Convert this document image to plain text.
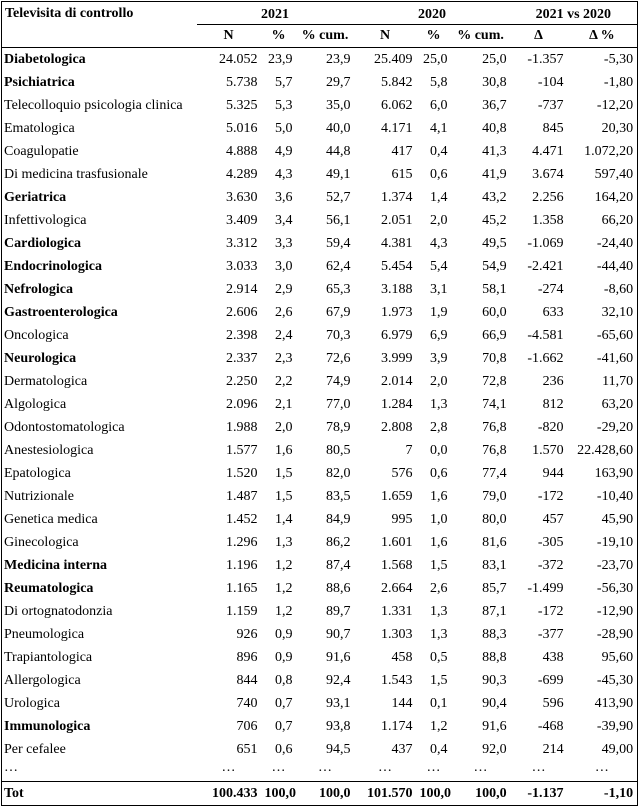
Televisita di controllo	2021			2020			2021 vs 2020	
	N	%	% cum.	N	%	% cum.	Δ	Δ %
Diabetologica	24.052	23,9	23,9	25.409	25,0	25,0	-1.357	-5,30
Psichiatrica	5.738	5,7	29,7	5.842	5,8	30,8	-104	-1,80
Telecolloquio psicologia clinica	5.325	5,3	35,0	6.062	6,0	36,7	-737	-12,20
Ematologica	5.016	5,0	40,0	4.171	4,1	40,8	845	20,30
Coagulopatie	4.888	4,9	44,8	417	0,4	41,3	4.471	1.072,20
Di medicina trasfusionale	4.289	4,3	49,1	615	0,6	41,9	3.674	597,40
Geriatrica	3.630	3,6	52,7	1.374	1,4	43,2	2.256	164,20
Infettivologica	3.409	3,4	56,1	2.051	2,0	45,2	1.358	66,20
Cardiologica	3.312	3,3	59,4	4.381	4,3	49,5	-1.069	-24,40
Endocrinologica	3.033	3,0	62,4	5.454	5,4	54,9	-2.421	-44,40
Nefrologica	2.914	2,9	65,3	3.188	3,1	58,1	-274	-8,60
Gastroenterologica	2.606	2,6	67,9	1.973	1,9	60,0	633	32,10
Oncologica	2.398	2,4	70,3	6.979	6,9	66,9	-4.581	-65,60
Neurologica	2.337	2,3	72,6	3.999	3,9	70,8	-1.662	-41,60
Dermatologica	2.250	2,2	74,9	2.014	2,0	72,8	236	11,70
Algologica	2.096	2,1	77,0	1.284	1,3	74,1	812	63,20
Odontostomatologica	1.988	2,0	78,9	2.808	2,8	76,8	-820	-29,20
Anestesiologica	1.577	1,6	80,5	7	0,0	76,8	1.570	22.428,60
Epatologica	1.520	1,5	82,0	576	0,6	77,4	944	163,90
Nutrizionale	1.487	1,5	83,5	1.659	1,6	79,0	-172	-10,40
Genetica medica	1.452	1,4	84,9	995	1,0	80,0	457	45,90
Ginecologica	1.296	1,3	86,2	1.601	1,6	81,6	-305	-19,10
Medicina interna	1.196	1,2	87,4	1.568	1,5	83,1	-372	-23,70
Reumatologica	1.165	1,2	88,6	2.664	2,6	85,7	-1.499	-56,30
Di ortognatodonzia	1.159	1,2	89,7	1.331	1,3	87,1	-172	-12,90
Pneumologica	926	0,9	90,7	1.303	1,3	88,3	-377	-28,90
Trapiantologica	896	0,9	91,6	458	0,5	88,8	438	95,60
Allergologica	844	0,8	92,4	1.543	1,5	90,3	-699	-45,30
Urologica	740	0,7	93,1	144	0,1	90,4	596	413,90
Immunologica	706	0,7	93,8	1.174	1,2	91,6	-468	-39,90
Per cefalee	651	0,6	94,5	437	0,4	92,0	214	49,00
…	…	…	…	…	…	…	…	…
Tot	100.433	100,0	100,0	101.570	100,0	100,0	-1.137	-1,10
